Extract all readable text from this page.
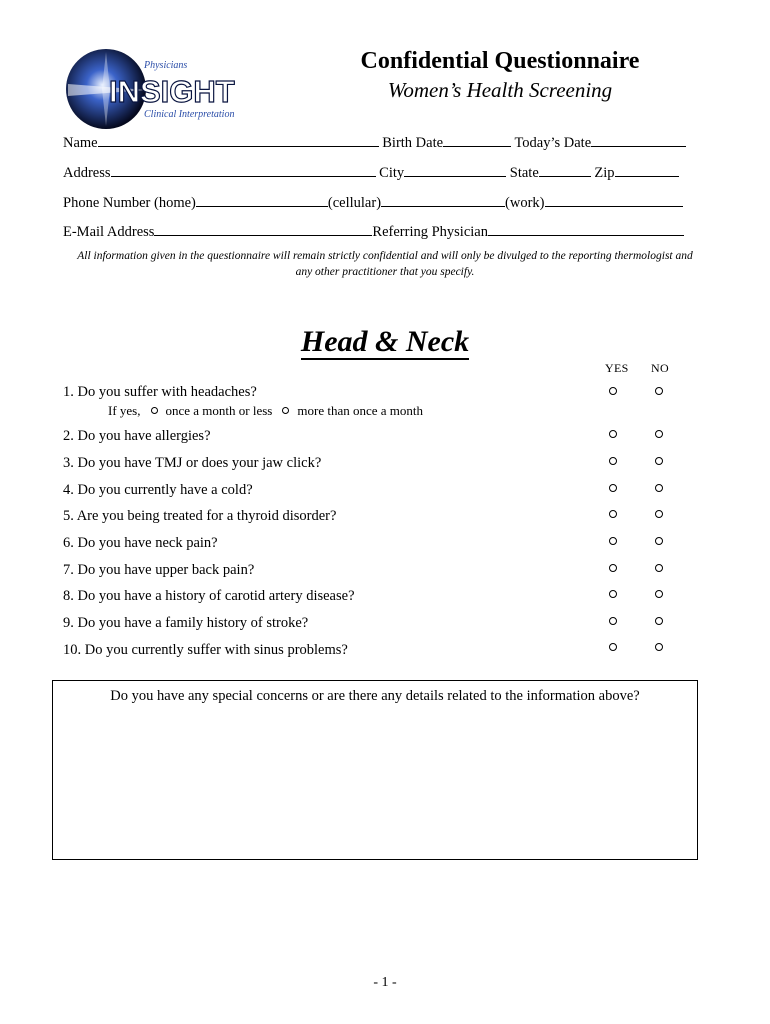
Physicians
INSIGHT
Clinical Interpretation
Confidential Questionnaire
Women’s Health Screening
Name	Birth Date	Today’s Date
Address	City	State	Zip
Phone Number (home)	(cellular)	(work)
E-Mail Address	Referring Physician
All information given in the questionnaire will remain strictly confidential and will only be divulged to the reporting thermologist and any other practitioner that you specify.
Head & Neck
YES NO
1. Do you suffer with headaches?
If yes, once a month or less more than once a month
2. Do you have allergies?
3. Do you have TMJ or does your jaw click?
4. Do you currently have a cold?
5. Are you being treated for a thyroid disorder?
6. Do you have neck pain?
7. Do you have upper back pain?
8. Do you have a history of carotid artery disease?
9. Do you have a family history of stroke?
10. Do you currently suffer with sinus problems?
Do you have any special concerns or are there any details related to the information above?
- 1 -
